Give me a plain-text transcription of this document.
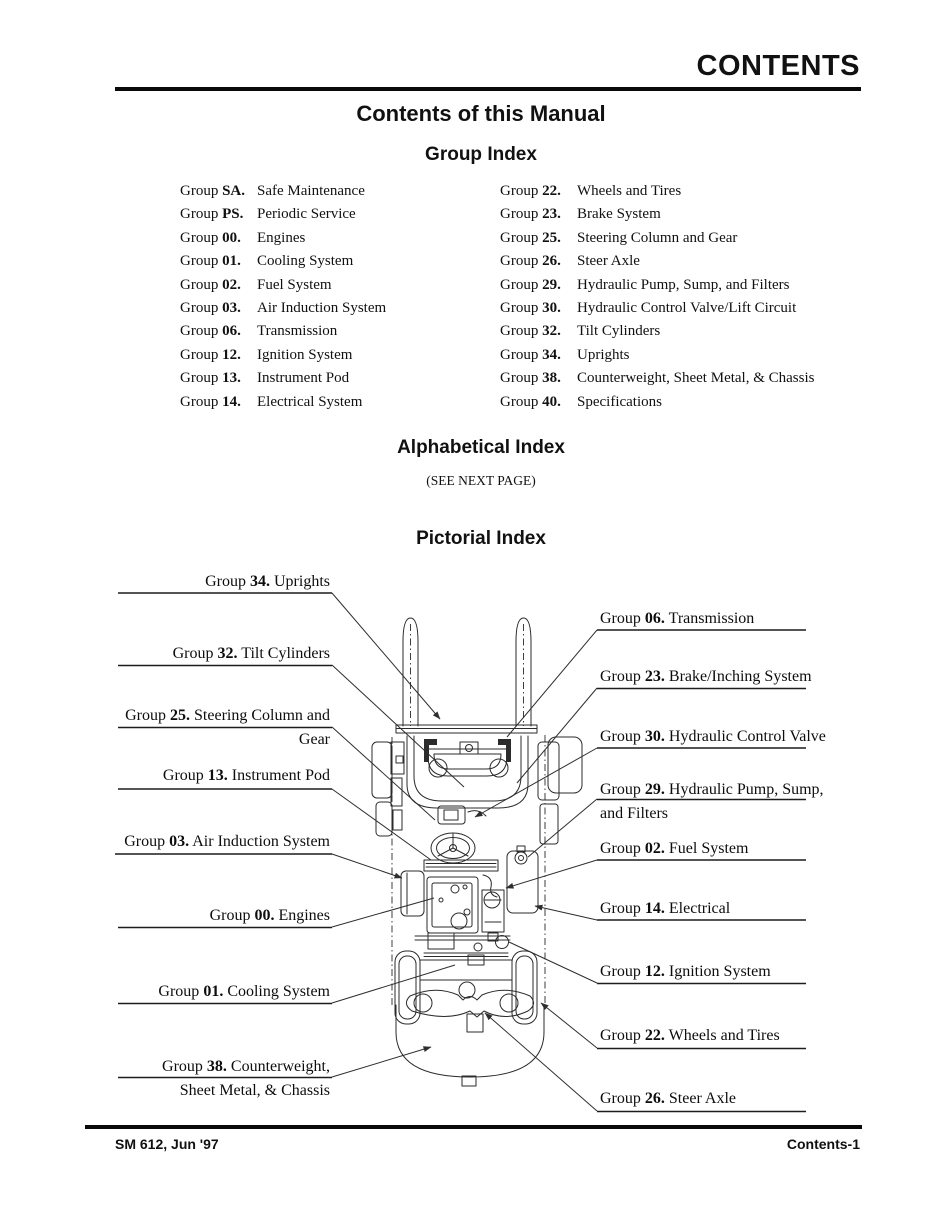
CONTENTS
Contents of this Manual
Group Index
Group SA. Safe Maintenance
Group PS. Periodic Service
Group 00. Engines
Group 01. Cooling System
Group 02. Fuel System
Group 03. Air Induction System
Group 06. Transmission
Group 12. Ignition System
Group 13. Instrument Pod
Group 14. Electrical System
Group 22. Wheels and Tires
Group 23. Brake System
Group 25. Steering Column and Gear
Group 26. Steer Axle
Group 29. Hydraulic Pump, Sump, and Filters
Group 30. Hydraulic Control Valve/Lift Circuit
Group 32. Tilt Cylinders
Group 34. Uprights
Group 38. Counterweight, Sheet Metal, & Chassis
Group 40. Specifications
Alphabetical Index
(SEE NEXT PAGE)
Pictorial Index
Group 34. Uprights
Group 32. Tilt Cylinders
Group 25. Steering Column and
Gear
Group 13. Instrument Pod
Group 03. Air Induction System
Group 00. Engines
Group 01. Cooling System
Group 38. Counterweight,
Sheet Metal, & Chassis
Group 06. Transmission
Group 23. Brake/Inching System
Group 30. Hydraulic Control Valve
Group 29. Hydraulic Pump, Sump,
and Filters
Group 02. Fuel System
Group 14. Electrical
Group 12. Ignition System
Group 22. Wheels and Tires
Group 26. Steer Axle
SM 612, Jun '97	Contents-1
